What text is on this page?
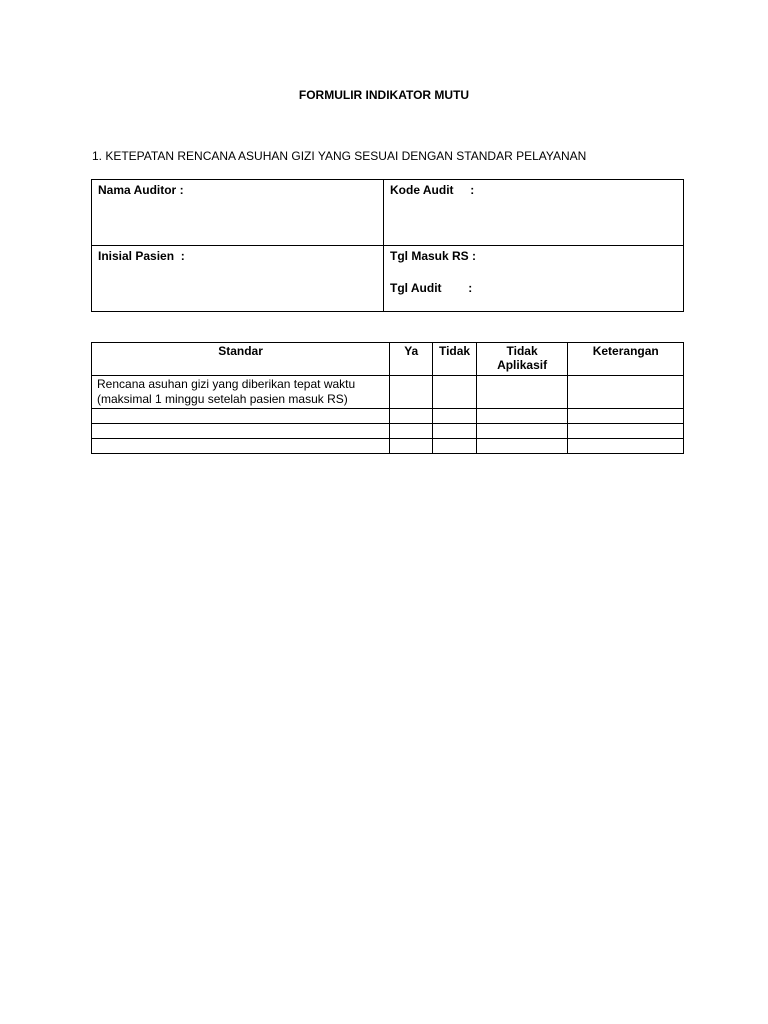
FORMULIR INDIKATOR MUTU
1. KETEPATAN RENCANA ASUHAN GIZI YANG SESUAI DENGAN STANDAR PELAYANAN
Nama Auditor :	Kode Audit     :
Inisial Pasien  :	Tgl Masuk RS :
Tgl Audit        :
Standar	Ya	Tidak	Tidak Aplikasif	Keterangan
Rencana asuhan gizi yang diberikan tepat waktu (maksimal 1 minggu setelah pasien masuk RS)				
